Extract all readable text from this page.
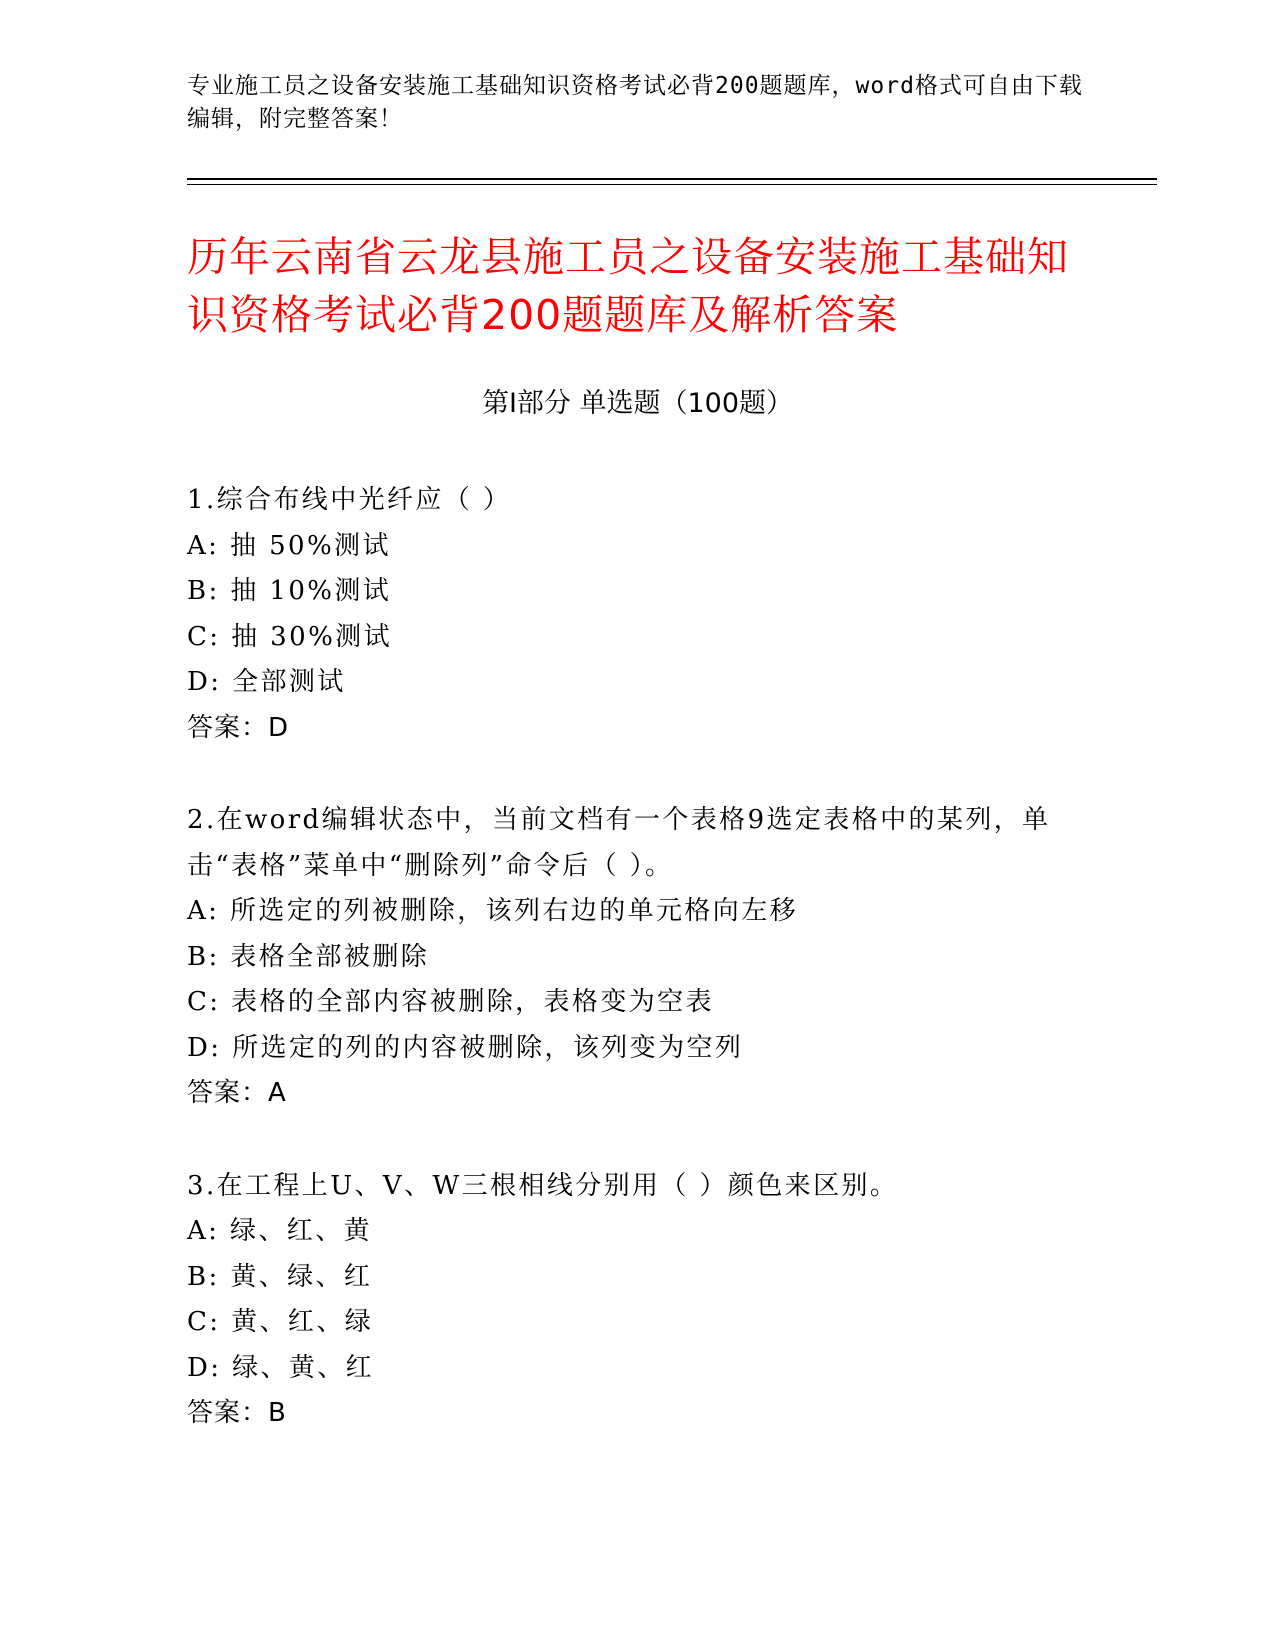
专业施工员之设备安装施工基础知识资格考试必背200题题库，word格式可自由下载编辑，附完整答案！
历年云南省云龙县施工员之设备安装施工基础知识资格考试必背200题题库及解析答案
第Ⅰ部分 单选题（100题）
1.综合布线中光纤应（ ）
A: 抽 50%测试
B: 抽 10%测试
C: 抽 30%测试
D: 全部测试
答案：D
2.在word编辑状态中，当前文档有一个表格9选定表格中的某列，单击“表格”菜单中“删除列”命令后（ ）。
A: 所选定的列被删除，该列右边的单元格向左移
B: 表格全部被删除
C: 表格的全部内容被删除，表格变为空表
D: 所选定的列的内容被删除，该列变为空列
答案：A
3.在工程上U、V、W三根相线分别用（ ）颜色来区别。
A: 绿、红、黄
B: 黄、绿、红
C: 黄、红、绿
D: 绿、黄、红
答案：B
